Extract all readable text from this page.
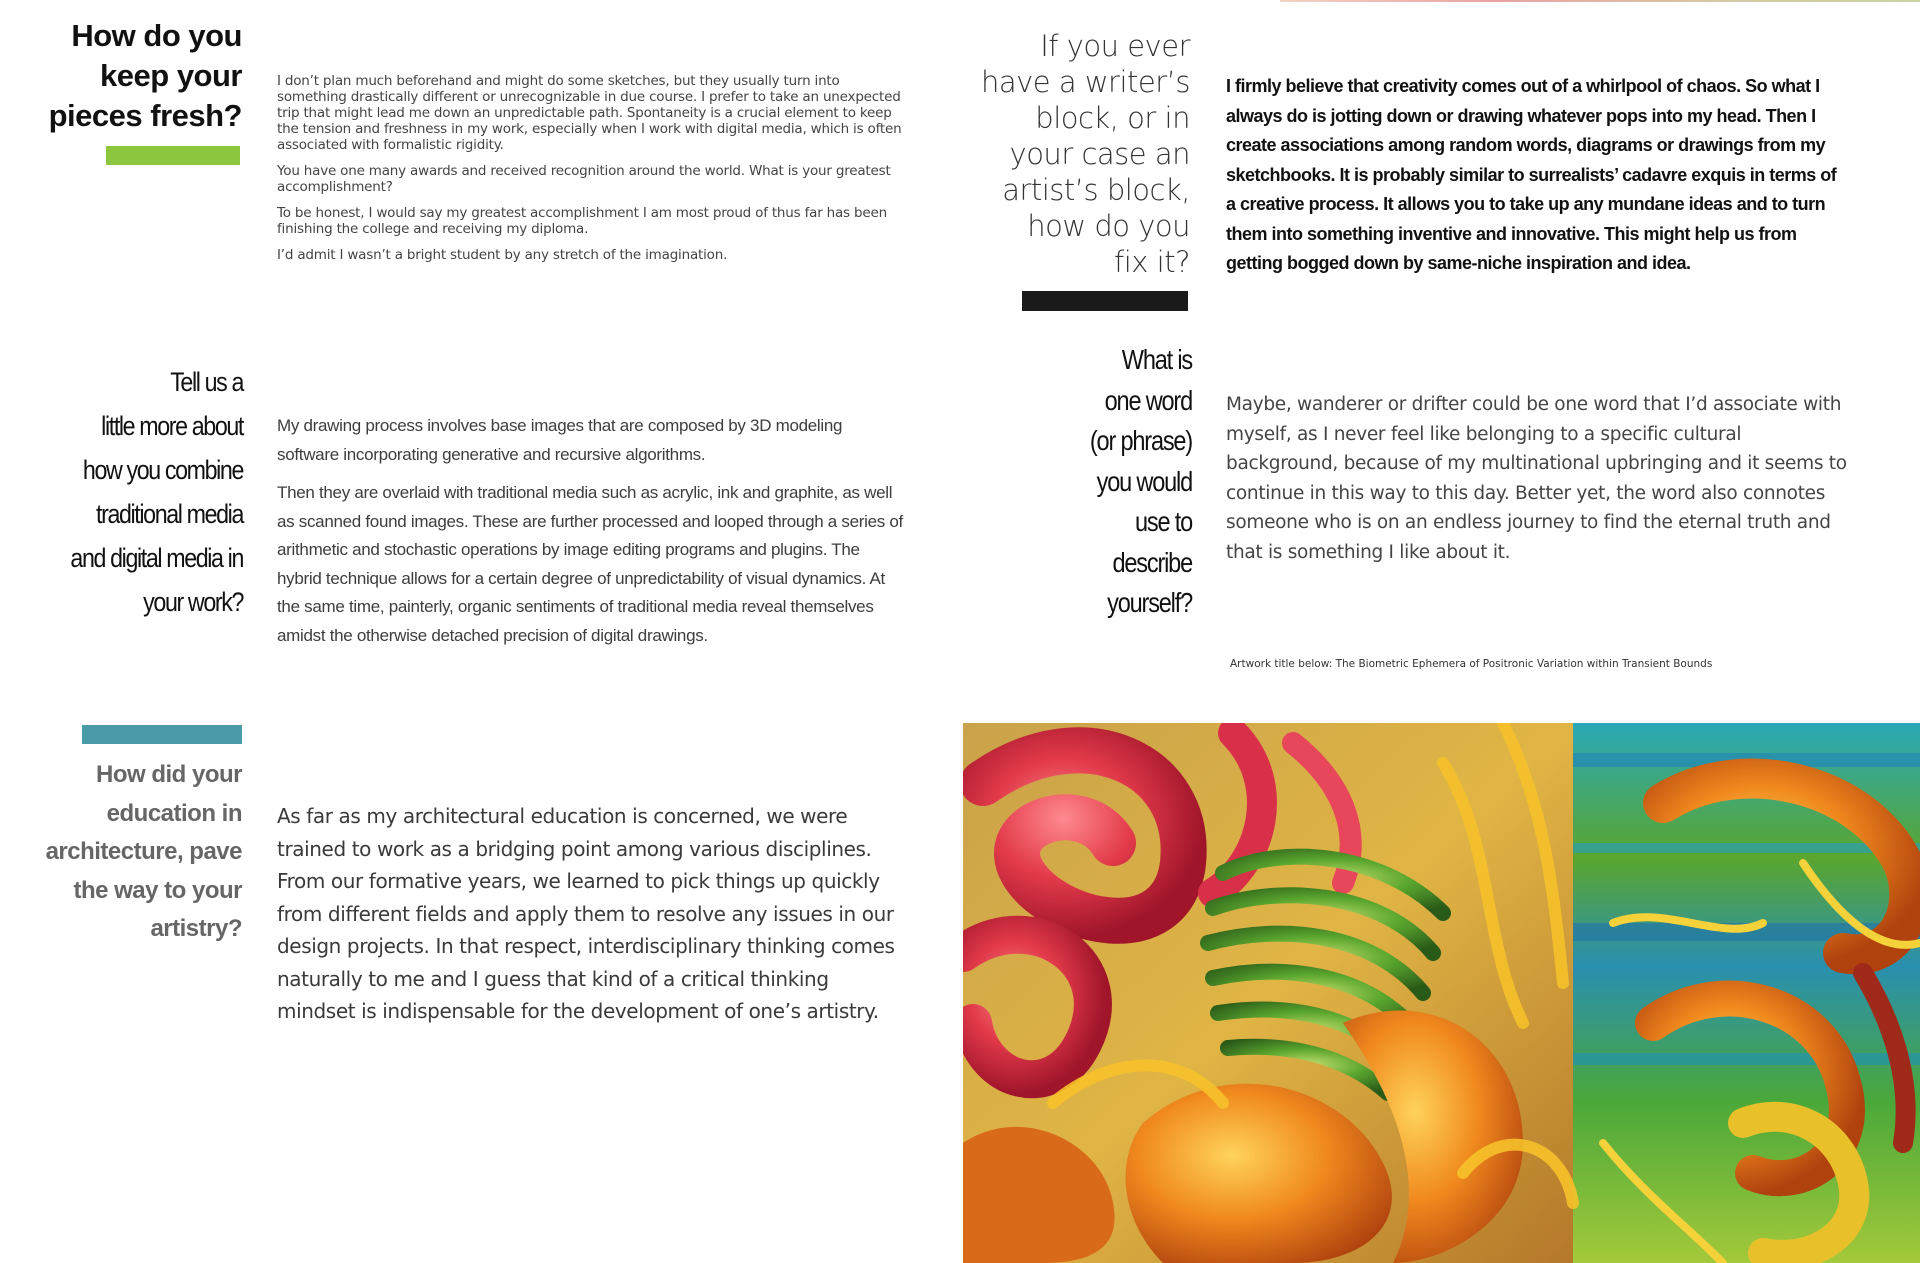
How do you
keep your
pieces fresh?

I don’t plan much beforehand and might do some sketches, but they usually turn into something drastically different or unrecognizable in due course. I prefer to take an unexpected trip that might lead me down an unpredictable path. Spontaneity is a crucial element to keep the tension and freshness in my work, especially when I work with digital media, which is often associated with formalistic rigidity.

You have one many awards and received recognition around the world. What is your greatest accomplishment?

To be honest, I would say my greatest accomplishment I am most proud of thus far has been finishing the college and receiving my diploma.

I’d admit I wasn’t a bright student by any stretch of the imagination.

Tell us a
little more about
how you combine
traditional media
and digital media in
your work?

My drawing process involves base images that are composed by 3D modeling software incorporating generative and recursive algorithms.

Then they are overlaid with traditional media such as acrylic, ink and graphite, as well as scanned found images. These are further processed and looped through a series of arithmetic and stochastic operations by image editing programs and plugins. The hybrid technique allows for a certain degree of unpredictability of visual dynamics. At the same time, painterly, organic sentiments of traditional media reveal themselves amidst the otherwise detached precision of digital drawings.

How did your
education in
architecture, pave
the way to your
artistry?

As far as my architectural education is concerned, we were trained to work as a bridging point among various disciplines. From our formative years, we learned to pick things up quickly from different fields and apply them to resolve any issues in our design projects. In that respect, interdisciplinary thinking comes naturally to me and I guess that kind of a critical thinking mindset is indispensable for the development of one’s artistry.

If you ever
have a writer’s
block, or in
your case an
artist’s block,
how do you
fix it?

I firmly believe that creativity comes out of a whirlpool of chaos. So what I always do is jotting down or drawing whatever pops into my head. Then I create associations among random words, diagrams or drawings from my sketchbooks. It is probably similar to surrealists’ cadavre exquis in terms of a creative process. It allows you to take up any mundane ideas and to turn them into something inventive and innovative. This might help us from getting bogged down by same-niche inspiration and idea.

What is
one word
(or phrase)
you would
use to
describe
yourself?

Maybe, wanderer or drifter could be one word that I’d associate with myself, as I never feel like belonging to a specific cultural background, because of my multinational upbringing and it seems to continue in this way to this day. Better yet, the word also connotes someone who is on an endless journey to find the eternal truth and that is something I like about it.

Artwork title below: The Biometric Ephemera of Positronic Variation within Transient Bounds
